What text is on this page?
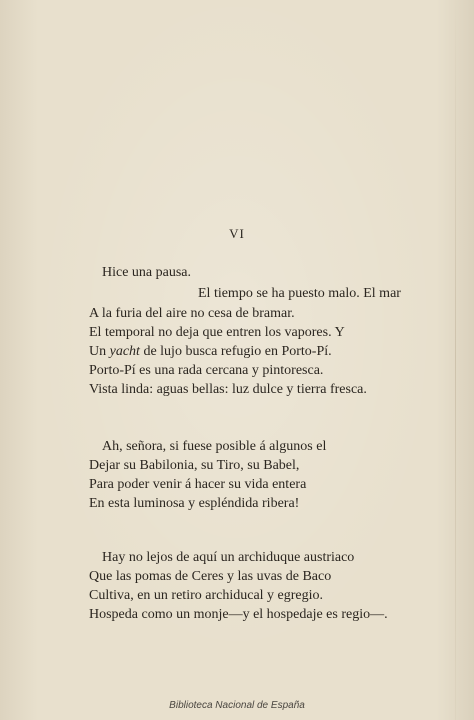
VI
Hice una pausa.
El tiempo se ha puesto malo. El mar
A la furia del aire no cesa de bramar.
El temporal no deja que entren los vapores. Y
Un yacht de lujo busca refugio en Porto-Pí.
Porto-Pí es una rada cercana y pintoresca.
Vista linda: aguas bellas: luz dulce y tierra fresca.
Ah, señora, si fuese posible á algunos el
Dejar su Babilonia, su Tiro, su Babel,
Para poder venir á hacer su vida entera
En esta luminosa y espléndida ribera!
Hay no lejos de aquí un archiduque austriaco
Que las pomas de Ceres y las uvas de Baco
Cultiva, en un retiro archiducal y egregio.
Hospeda como un monje—y el hospedaje es regio—.
Biblioteca Nacional de España
